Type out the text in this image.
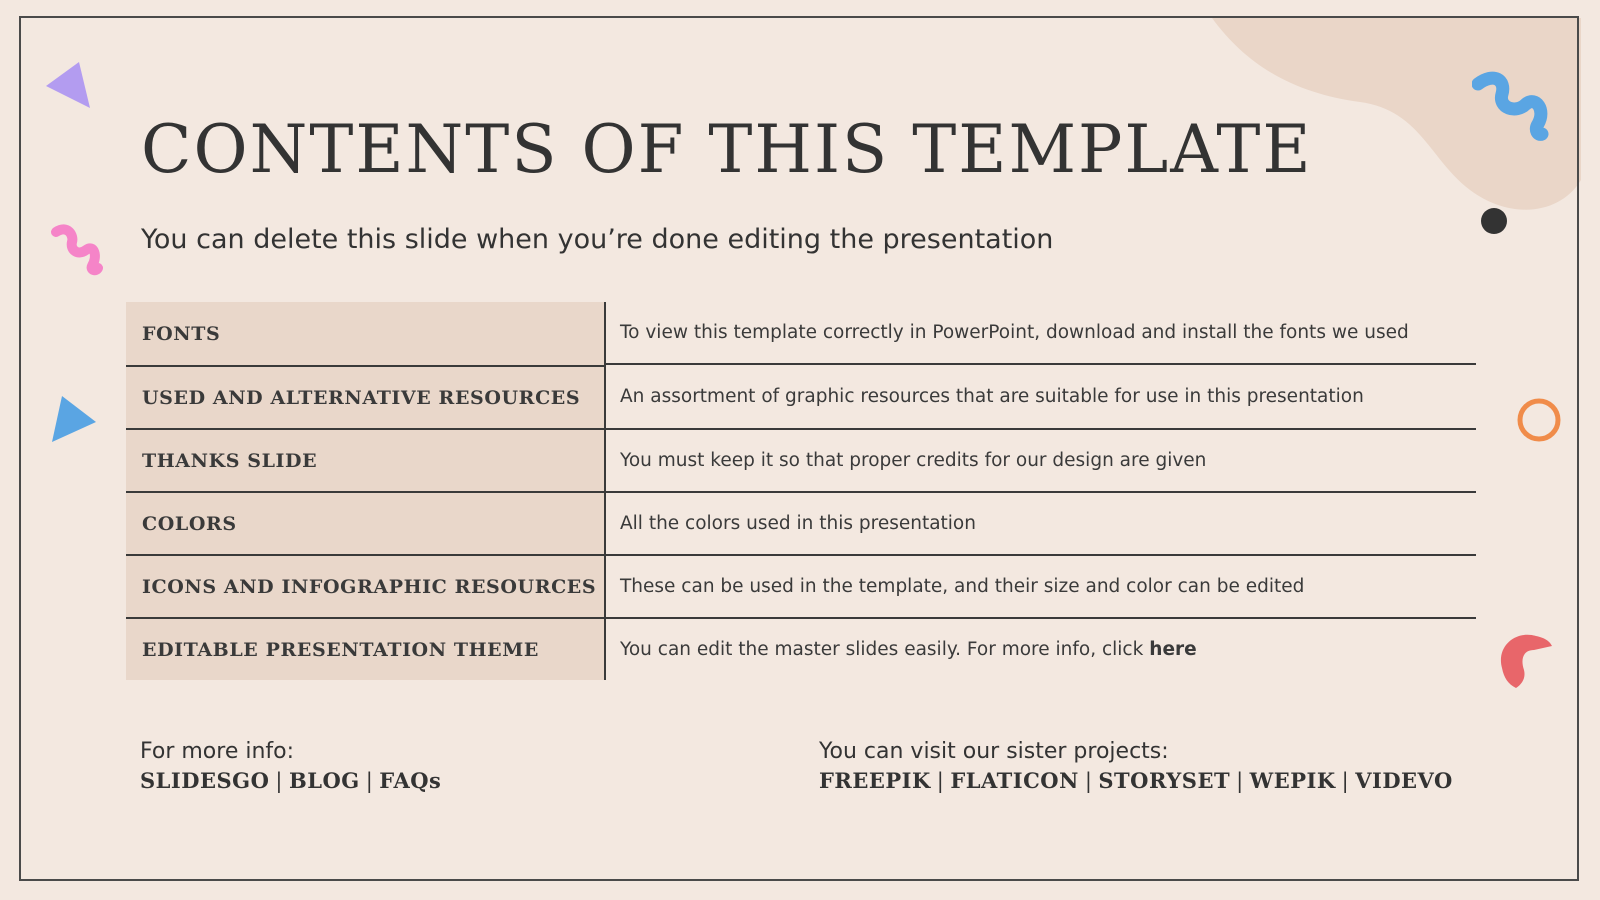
CONTENTS OF THIS TEMPLATE

You can delete this slide when you’re done editing the presentation

FONTS	To view this template correctly in PowerPoint, download and install the fonts we used
USED AND ALTERNATIVE RESOURCES	An assortment of graphic resources that are suitable for use in this presentation
THANKS SLIDE	You must keep it so that proper credits for our design are given
COLORS	All the colors used in this presentation
ICONS AND INFOGRAPHIC RESOURCES	These can be used in the template, and their size and color can be edited
EDITABLE PRESENTATION THEME	You can edit the master slides easily. For more info, click here
For more info:
SLIDESGO | BLOG | FAQs
You can visit our sister projects:
FREEPIK | FLATICON | STORYSET | WEPIK | VIDEVO
